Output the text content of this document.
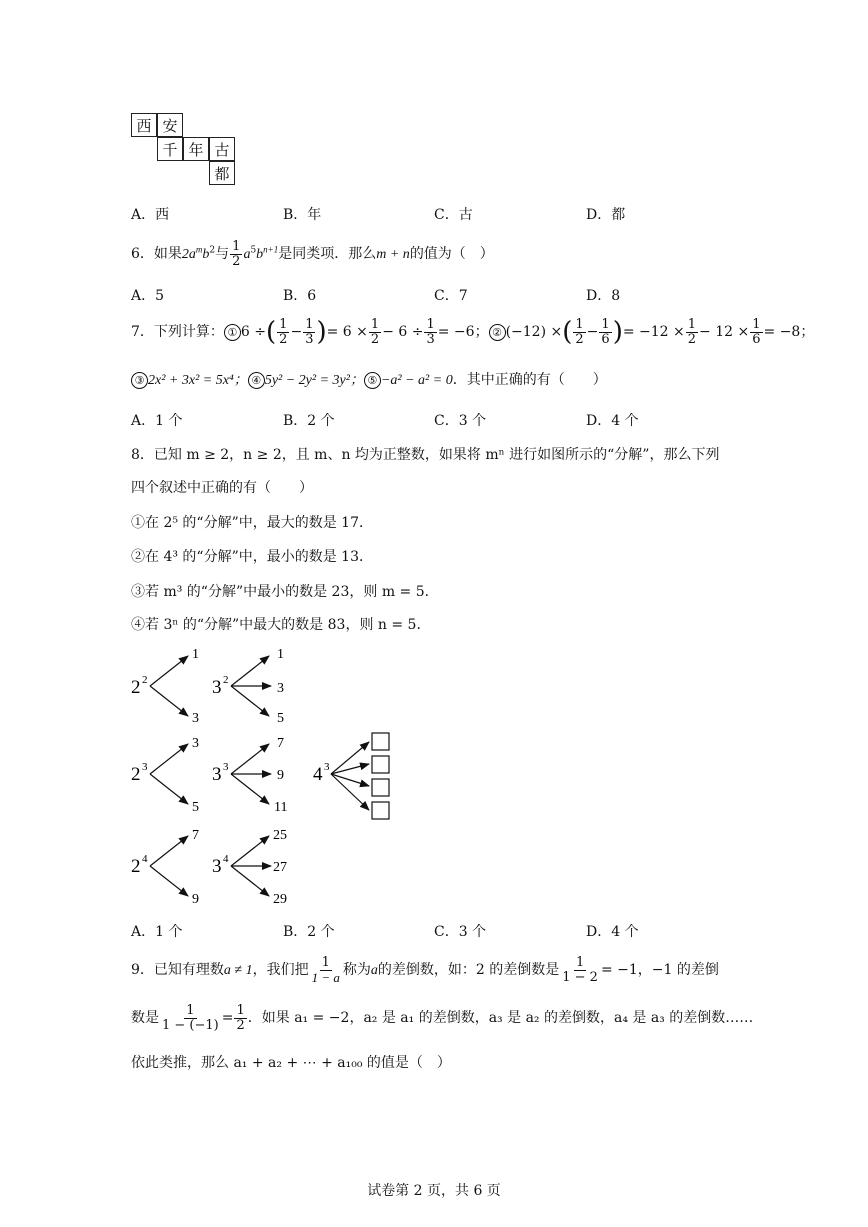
西 安
千 年 古
都
A．西	B．年	C．古	D．都
6．如果$2a^mb^2$与 $\frac{1}{2} a^5b^{n+1}$是同类项．那么m + n的值为（　）
A．5	B．6	C．7	D．8
7．下列计算： ① 6 ÷( $\frac{1}{2} - \frac{1}{3}$ )= $6 \times \frac{1}{2} - 6 \div \frac{1}{3} = -6$； ② (−12) ×( $\frac{1}{2} - \frac{1}{6}$ )= $-12 \times \frac{1}{2} - 12 \times \frac{1}{6} = -8$；
③ 2x² + 3x² = 5x⁴； ④ 5y² − 2y² = 3y²； ⑤ −a² − a² = 0．其中正确的有（　　）
A．1 个	B．2 个	C．3 个	D．4 个
8．已知 m ≥ 2，n ≥ 2，且 m、n 均为正整数，如果将 mⁿ 进行如图所示的“分解”，那么下列
四个叙述中正确的有（　　）
①在 2⁵ 的“分解”中，最大的数是 17．
②在 4³ 的“分解”中，最小的数是 13．
③若 m³ 的“分解”中最小的数是 23，则 m = 5．
④若 3ⁿ 的“分解”中最大的数是 83，则 n = 5．
2 2
1
3
3 2
1
3
5
2 3
3
5
3 3
7
9
11
4 3
2 4
7
9
3 4
25
27
29
A．1 个	B．2 个	C．3 个	D．4 个
9．已知有理数a ≠ 1，我们把 $\frac{1}{1 - a}$ 称为a的差倒数，如：2 的差倒数是 $\frac{1}{1 - 2} = -1$，−1 的差倒
数是 $\frac{1}{1 - (-1)} = \frac{1}{2}$ ．如果 a₁ = −2，a₂ 是 a₁ 的差倒数，a₃ 是 a₂ 的差倒数，a₄ 是 a₃ 的差倒数……
依此类推，那么 a₁ + a₂ + ⋯ + a₁₀₀ 的值是（　）
试卷第 2 页，共 6 页
